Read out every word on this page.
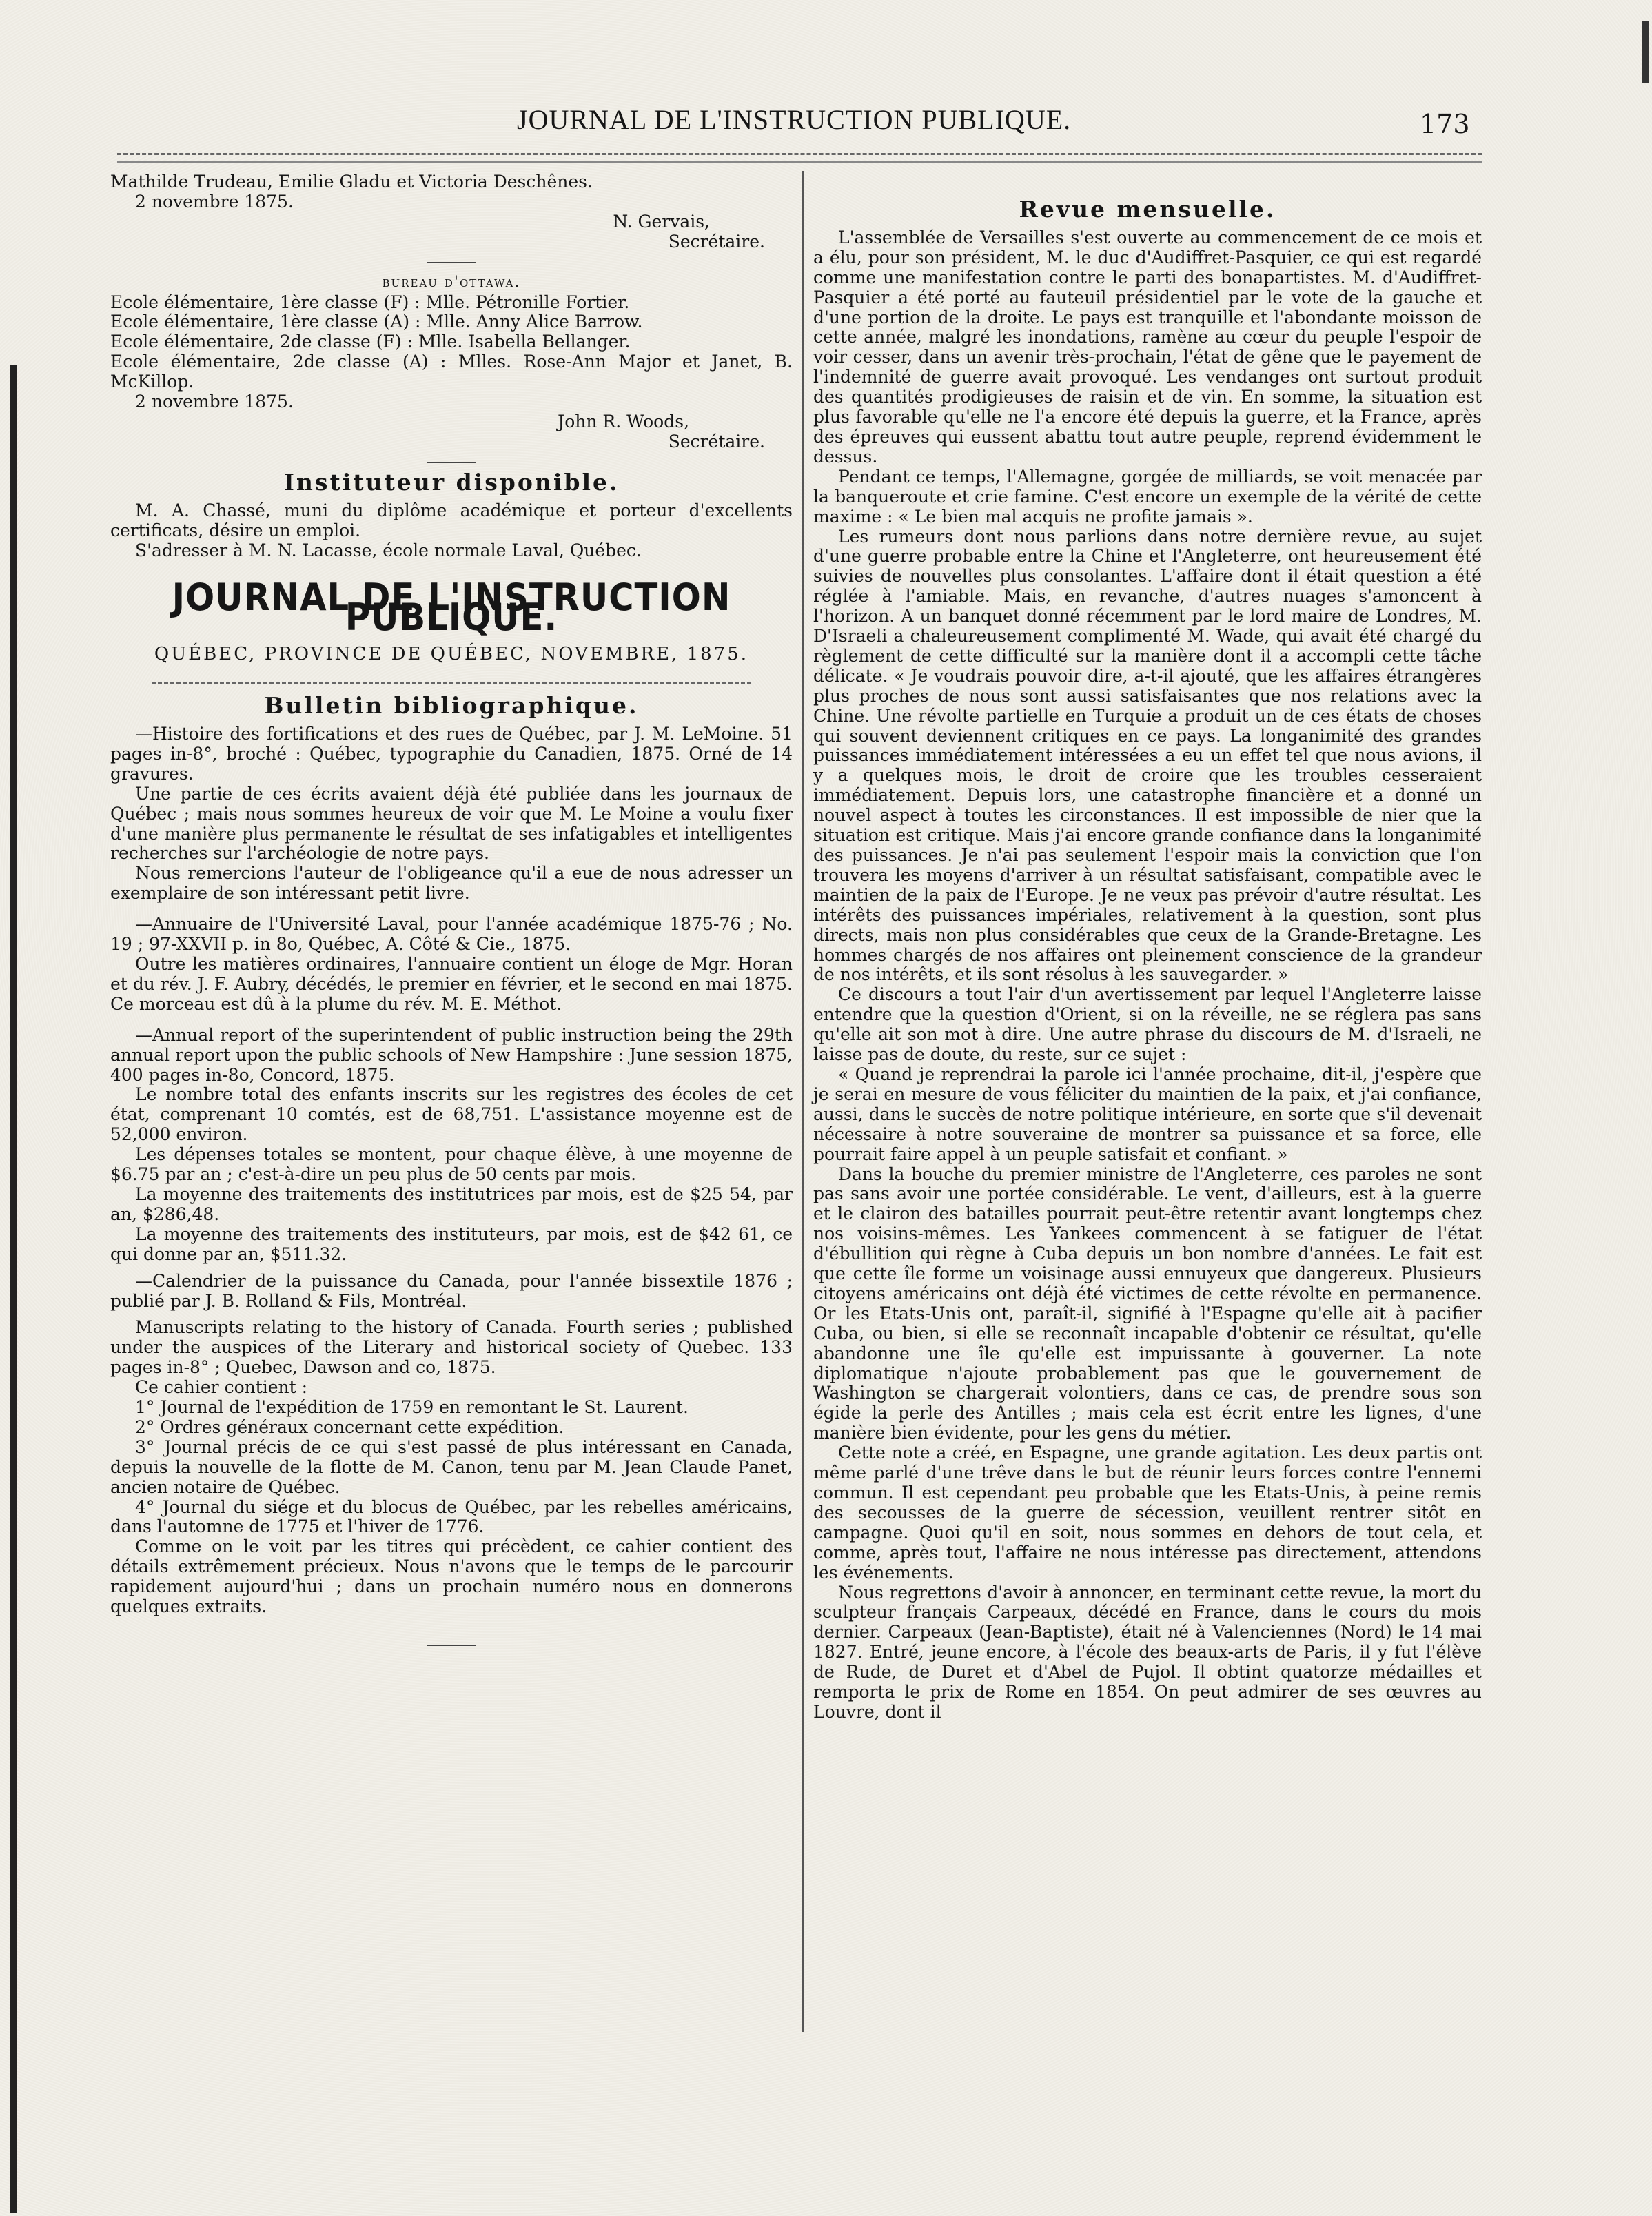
JOURNAL DE L'INSTRUCTION PUBLIQUE.	173

Mathilde Trudeau, Emilie Gladu et Victoria Deschênes.

2 novembre 1875.

N. Gervais,

Secrétaire.

bureau d'ottawa.

Ecole élémentaire, 1ère classe (F) : Mlle. Pétronille Fortier.

Ecole élémentaire, 1ère classe (A) : Mlle. Anny Alice Barrow.

Ecole élémentaire, 2de classe (F) : Mlle. Isabella Bellanger.

Ecole élémentaire, 2de classe (A) : Mlles. Rose-Ann Major et Janet, B. McKillop.

2 novembre 1875.

John R. Woods,

Secrétaire.

Instituteur disponible.

M. A. Chassé, muni du diplôme académique et porteur d'excellents certificats, désire un emploi.

S'adresser à M. N. Lacasse, école normale Laval, Québec.

JOURNAL DE L'INSTRUCTION PUBLIQUE.

QUÉBEC, PROVINCE DE QUÉBEC, NOVEMBRE, 1875.

Bulletin bibliographique.

—Histoire des fortifications et des rues de Québec, par J. M. LeMoine. 51 pages in-8°, broché : Québec, typographie du Canadien, 1875. Orné de 14 gravures.

Une partie de ces écrits avaient déjà été publiée dans les journaux de Québec ; mais nous sommes heureux de voir que M. Le Moine a voulu fixer d'une manière plus permanente le résultat de ses infatigables et intelligentes recherches sur l'archéologie de notre pays.

Nous remercions l'auteur de l'obligeance qu'il a eue de nous adresser un exemplaire de son intéressant petit livre.

—Annuaire de l'Université Laval, pour l'année académique 1875-76 ; No. 19 ; 97-XXVII p. in 8o, Québec, A. Côté & Cie., 1875.

Outre les matières ordinaires, l'annuaire contient un éloge de Mgr. Horan et du rév. J. F. Aubry, décédés, le premier en février, et le second en mai 1875. Ce morceau est dû à la plume du rév. M. E. Méthot.

—Annual report of the superintendent of public instruction being the 29th annual report upon the public schools of New Hampshire : June session 1875, 400 pages in-8o, Concord, 1875.

Le nombre total des enfants inscrits sur les registres des écoles de cet état, comprenant 10 comtés, est de 68,751. L'assistance moyenne est de 52,000 environ.

Les dépenses totales se montent, pour chaque élève, à une moyenne de $6.75 par an ; c'est-à-dire un peu plus de 50 cents par mois.

La moyenne des traitements des institutrices par mois, est de $25 54, par an, $286,48.

La moyenne des traitements des instituteurs, par mois, est de $42 61, ce qui donne par an, $511.32.

—Calendrier de la puissance du Canada, pour l'année bissextile 1876 ; publié par J. B. Rolland & Fils, Montréal.

Manuscripts relating to the history of Canada. Fourth series ; published under the auspices of the Literary and historical society of Quebec. 133 pages in-8° ; Quebec, Dawson and co, 1875.

Ce cahier contient :

1° Journal de l'expédition de 1759 en remontant le St. Laurent.

2° Ordres généraux concernant cette expédition.

3° Journal précis de ce qui s'est passé de plus intéressant en Canada, depuis la nouvelle de la flotte de M. Canon, tenu par M. Jean Claude Panet, ancien notaire de Québec.

4° Journal du siége et du blocus de Québec, par les rebelles américains, dans l'automne de 1775 et l'hiver de 1776.

Comme on le voit par les titres qui précèdent, ce cahier contient des détails extrêmement précieux. Nous n'avons que le temps de le parcourir rapidement aujourd'hui ; dans un prochain numéro nous en donnerons quelques extraits.

Revue mensuelle.

L'assemblée de Versailles s'est ouverte au commencement de ce mois et a élu, pour son président, M. le duc d'Audiffret-Pasquier, ce qui est regardé comme une manifestation contre le parti des bonapartistes. M. d'Audiffret-Pasquier a été porté au fauteuil présidentiel par le vote de la gauche et d'une portion de la droite. Le pays est tranquille et l'abondante moisson de cette année, malgré les inondations, ramène au cœur du peuple l'espoir de voir cesser, dans un avenir très-prochain, l'état de gêne que le payement de l'indemnité de guerre avait provoqué. Les vendanges ont surtout produit des quantités prodigieuses de raisin et de vin. En somme, la situation est plus favorable qu'elle ne l'a encore été depuis la guerre, et la France, après des épreuves qui eussent abattu tout autre peuple, reprend évidemment le dessus.

Pendant ce temps, l'Allemagne, gorgée de milliards, se voit menacée par la banqueroute et crie famine. C'est encore un exemple de la vérité de cette maxime : « Le bien mal acquis ne profite jamais ».

Les rumeurs dont nous parlions dans notre dernière revue, au sujet d'une guerre probable entre la Chine et l'Angleterre, ont heureusement été suivies de nouvelles plus consolantes. L'affaire dont il était question a été réglée à l'amiable. Mais, en revanche, d'autres nuages s'amoncent à l'horizon. A un banquet donné récemment par le lord maire de Londres, M. D'Israeli a chaleureusement complimenté M. Wade, qui avait été chargé du règlement de cette difficulté sur la manière dont il a accompli cette tâche délicate. « Je voudrais pouvoir dire, a-t-il ajouté, que les affaires étrangères plus proches de nous sont aussi satisfaisantes que nos relations avec la Chine. Une révolte partielle en Turquie a produit un de ces états de choses qui souvent deviennent critiques en ce pays. La longanimité des grandes puissances immédiatement intéressées a eu un effet tel que nous avions, il y a quelques mois, le droit de croire que les troubles cesseraient immédiatement. Depuis lors, une catastrophe financière et a donné un nouvel aspect à toutes les circonstances. Il est impossible de nier que la situation est critique. Mais j'ai encore grande confiance dans la longanimité des puissances. Je n'ai pas seulement l'espoir mais la conviction que l'on trouvera les moyens d'arriver à un résultat satisfaisant, compatible avec le maintien de la paix de l'Europe. Je ne veux pas prévoir d'autre résultat. Les intérêts des puissances impériales, relativement à la question, sont plus directs, mais non plus considérables que ceux de la Grande-Bretagne. Les hommes chargés de nos affaires ont pleinement conscience de la grandeur de nos intérêts, et ils sont résolus à les sauvegarder. »

Ce discours a tout l'air d'un avertissement par lequel l'Angleterre laisse entendre que la question d'Orient, si on la réveille, ne se réglera pas sans qu'elle ait son mot à dire. Une autre phrase du discours de M. d'Israeli, ne laisse pas de doute, du reste, sur ce sujet :

« Quand je reprendrai la parole ici l'année prochaine, dit-il, j'espère que je serai en mesure de vous féliciter du maintien de la paix, et j'ai confiance, aussi, dans le succès de notre politique intérieure, en sorte que s'il devenait nécessaire à notre souveraine de montrer sa puissance et sa force, elle pourrait faire appel à un peuple satisfait et confiant. »

Dans la bouche du premier ministre de l'Angleterre, ces paroles ne sont pas sans avoir une portée considérable. Le vent, d'ailleurs, est à la guerre et le clairon des batailles pourrait peut-être retentir avant longtemps chez nos voisins-mêmes. Les Yankees commencent à se fatiguer de l'état d'ébullition qui règne à Cuba depuis un bon nombre d'années. Le fait est que cette île forme un voisinage aussi ennuyeux que dangereux. Plusieurs citoyens américains ont déjà été victimes de cette révolte en permanence. Or les Etats-Unis ont, paraît-il, signifié à l'Espagne qu'elle ait à pacifier Cuba, ou bien, si elle se reconnaît incapable d'obtenir ce résultat, qu'elle abandonne une île qu'elle est impuissante à gouverner. La note diplomatique n'ajoute probablement pas que le gouvernement de Washington se chargerait volontiers, dans ce cas, de prendre sous son égide la perle des Antilles ; mais cela est écrit entre les lignes, d'une manière bien évidente, pour les gens du métier.

Cette note a créé, en Espagne, une grande agitation. Les deux partis ont même parlé d'une trêve dans le but de réunir leurs forces contre l'ennemi commun. Il est cependant peu probable que les Etats-Unis, à peine remis des secousses de la guerre de sécession, veuillent rentrer sitôt en campagne. Quoi qu'il en soit, nous sommes en dehors de tout cela, et comme, après tout, l'affaire ne nous intéresse pas directement, attendons les événements.

Nous regrettons d'avoir à annoncer, en terminant cette revue, la mort du sculpteur français Carpeaux, décédé en France, dans le cours du mois dernier. Carpeaux (Jean-Baptiste), était né à Valenciennes (Nord) le 14 mai 1827. Entré, jeune encore, à l'école des beaux-arts de Paris, il y fut l'élève de Rude, de Duret et d'Abel de Pujol. Il obtint quatorze médailles et remporta le prix de Rome en 1854. On peut admirer de ses œuvres au Louvre, dont il
